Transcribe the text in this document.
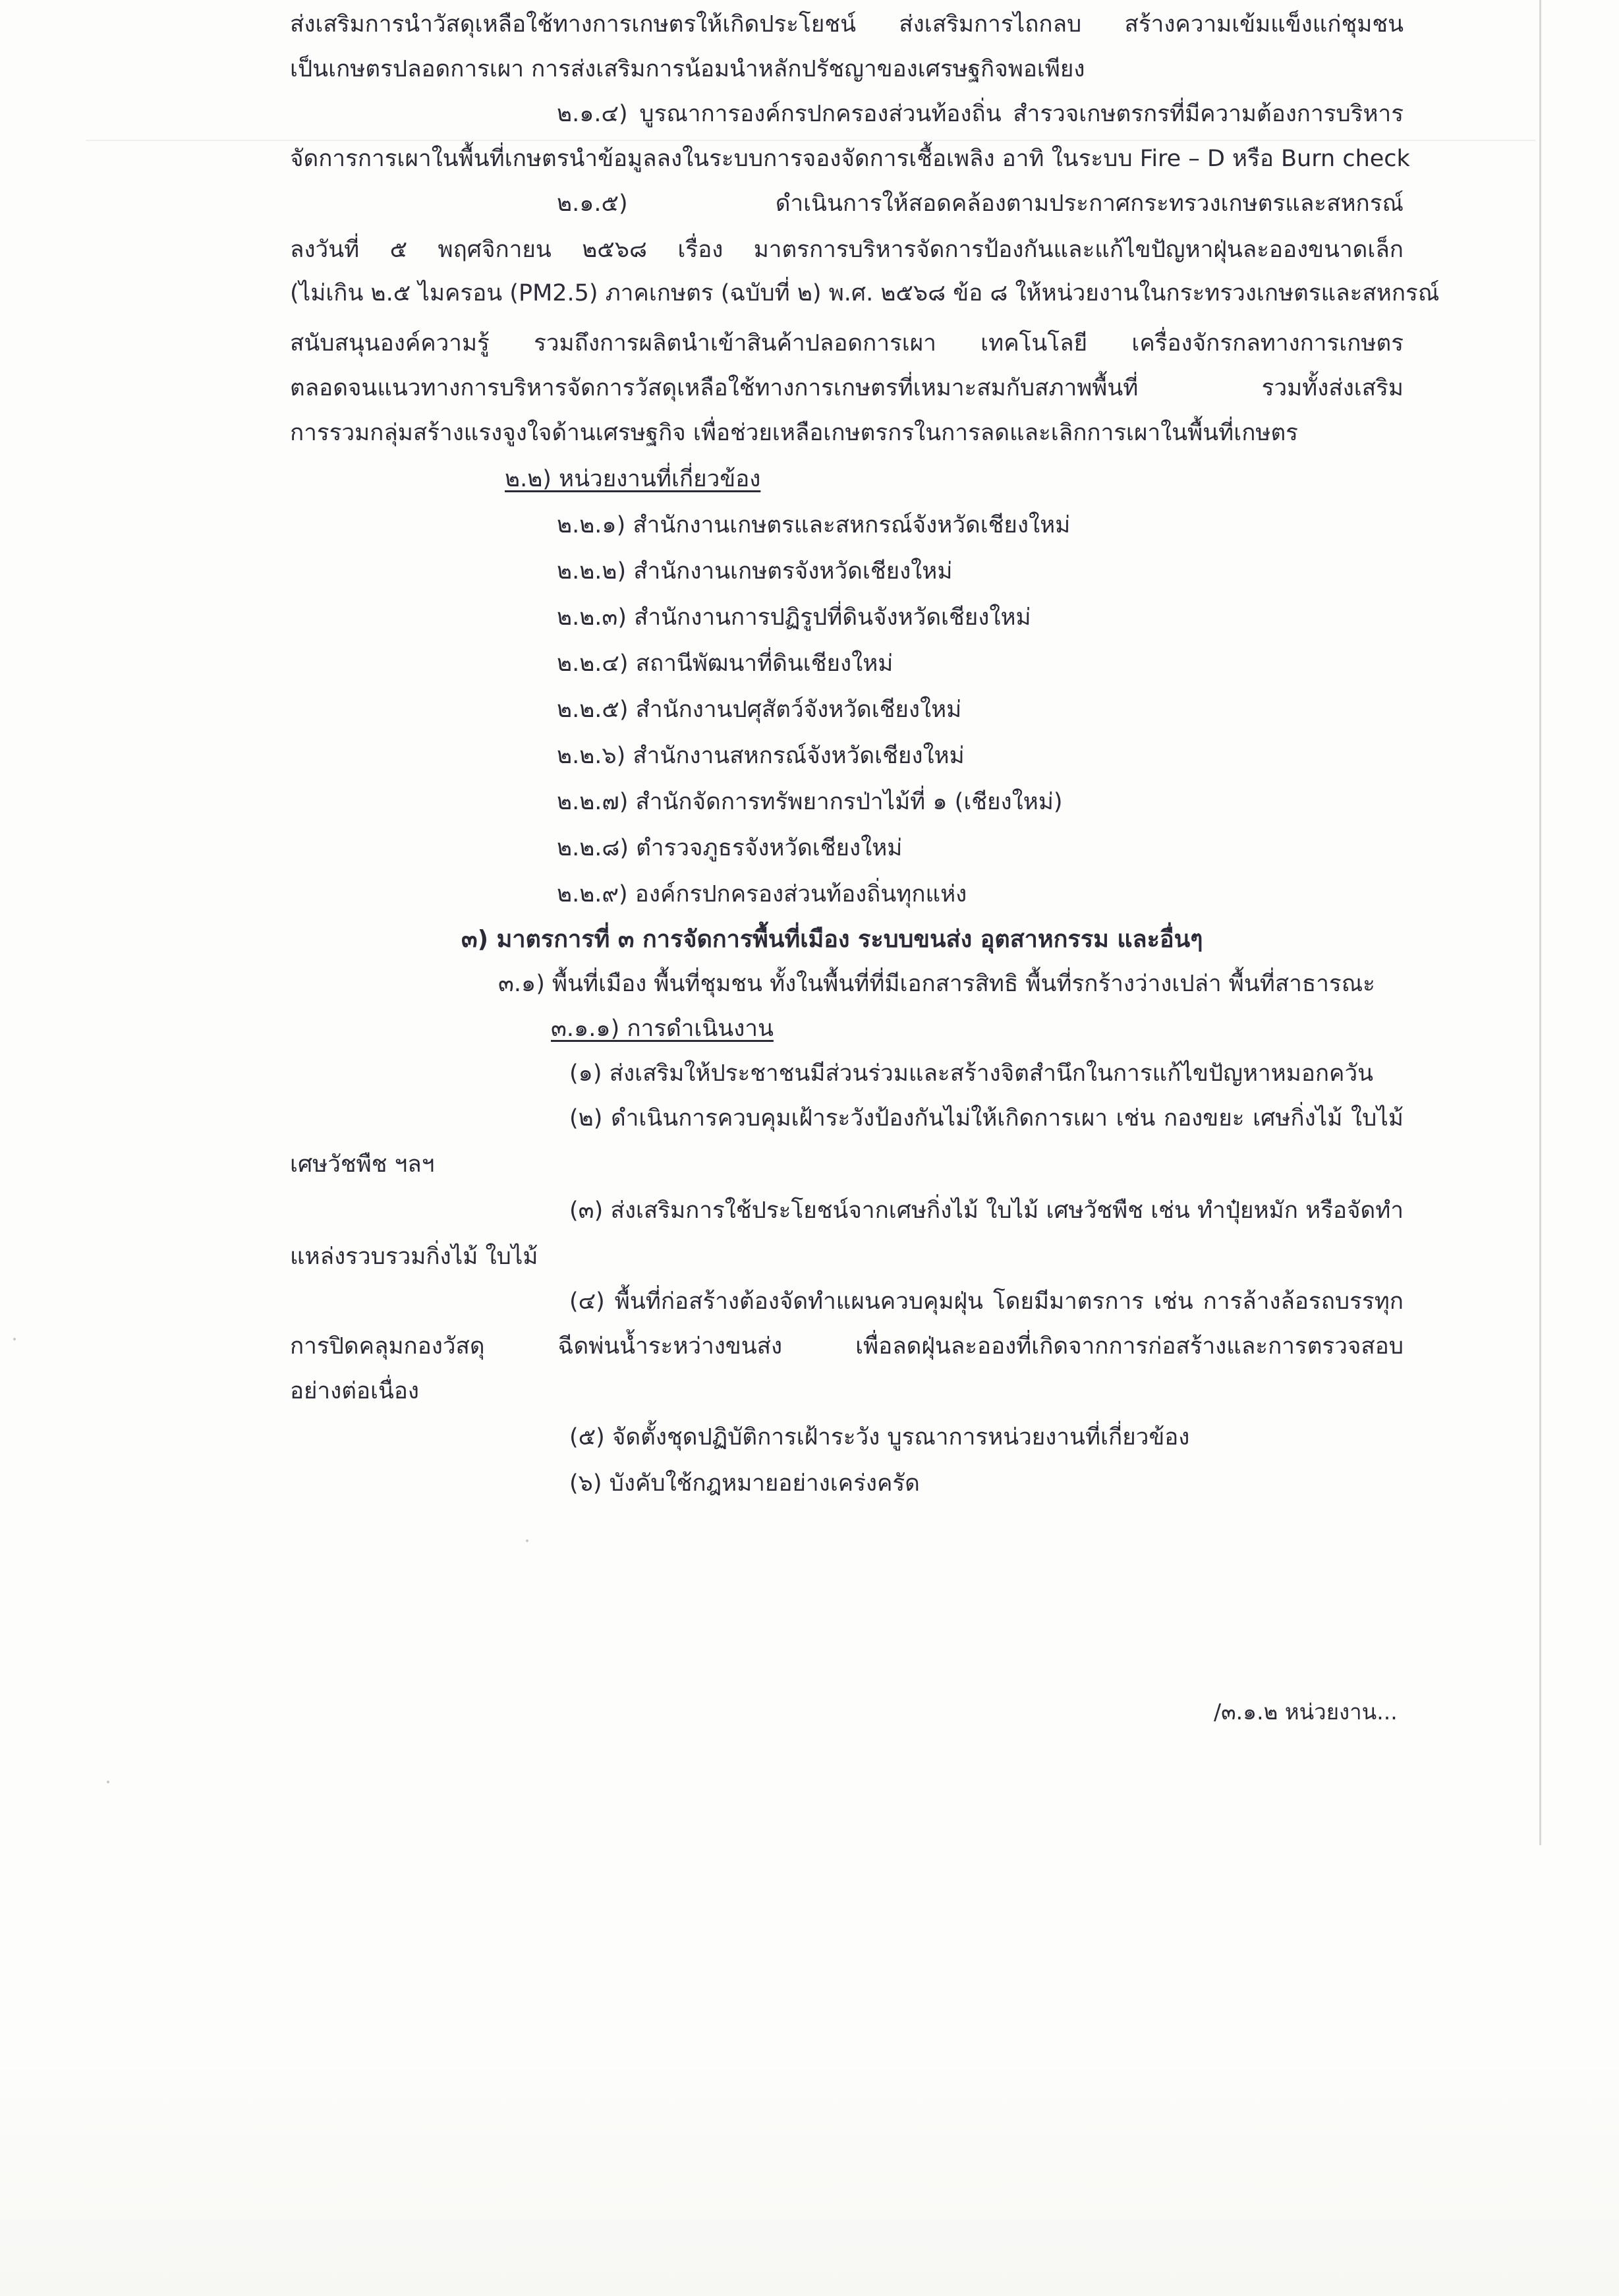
ส่งเสริมการนำวัสดุเหลือใช้ทางการเกษตรให้เกิดประโยชน์ ส่งเสริมการไถกลบ สร้างความเข้มแข็งแก่ชุมชน
เป็นเกษตรปลอดการเผา การส่งเสริมการน้อมนำหลักปรัชญาของเศรษฐกิจพอเพียง
๒.๑.๔) บูรณาการองค์กรปกครองส่วนท้องถิ่น สำรวจเกษตรกรที่มีความต้องการบริหาร
จัดการการเผาในพื้นที่เกษตรนำข้อมูลลงในระบบการจองจัดการเชื้อเพลิง อาทิ ในระบบ Fire – D หรือ Burn check
๒.๑.๕) ดำเนินการให้สอดคล้องตามประกาศกระทรวงเกษตรและสหกรณ์
ลงวันที่ ๕ พฤศจิกายน ๒๕๖๘ เรื่อง มาตรการบริหารจัดการป้องกันและแก้ไขปัญหาฝุ่นละอองขนาดเล็ก
(ไม่เกิน ๒.๕ ไมครอน (PM2.5) ภาคเกษตร (ฉบับที่ ๒) พ.ศ. ๒๕๖๘ ข้อ ๘ ให้หน่วยงานในกระทรวงเกษตรและสหกรณ์
สนับสนุนองค์ความรู้ รวมถึงการผลิตนำเข้าสินค้าปลอดการเผา เทคโนโลยี เครื่องจักรกลทางการเกษตร
ตลอดจนแนวทางการบริหารจัดการวัสดุเหลือใช้ทางการเกษตรที่เหมาะสมกับสภาพพื้นที่ รวมทั้งส่งเสริม
การรวมกลุ่มสร้างแรงจูงใจด้านเศรษฐกิจ เพื่อช่วยเหลือเกษตรกรในการลดและเลิกการเผาในพื้นที่เกษตร
๒.๒) หน่วยงานที่เกี่ยวข้อง
๒.๒.๑) สำนักงานเกษตรและสหกรณ์จังหวัดเชียงใหม่
๒.๒.๒) สำนักงานเกษตรจังหวัดเชียงใหม่
๒.๒.๓) สำนักงานการปฏิรูปที่ดินจังหวัดเชียงใหม่
๒.๒.๔) สถานีพัฒนาที่ดินเชียงใหม่
๒.๒.๕) สำนักงานปศุสัตว์จังหวัดเชียงใหม่
๒.๒.๖) สำนักงานสหกรณ์จังหวัดเชียงใหม่
๒.๒.๗) สำนักจัดการทรัพยากรป่าไม้ที่ ๑ (เชียงใหม่)
๒.๒.๘) ตำรวจภูธรจังหวัดเชียงใหม่
๒.๒.๙) องค์กรปกครองส่วนท้องถิ่นทุกแห่ง
๓) มาตรการที่ ๓ การจัดการพื้นที่เมือง ระบบขนส่ง อุตสาหกรรม และอื่นๆ
๓.๑) พื้นที่เมือง พื้นที่ชุมชน ทั้งในพื้นที่ที่มีเอกสารสิทธิ พื้นที่รกร้างว่างเปล่า พื้นที่สาธารณะ
๓.๑.๑) การดำเนินงาน
(๑) ส่งเสริมให้ประชาชนมีส่วนร่วมและสร้างจิตสำนึกในการแก้ไขปัญหาหมอกควัน
(๒) ดำเนินการควบคุมเฝ้าระวังป้องกันไม่ให้เกิดการเผา เช่น กองขยะ เศษกิ่งไม้ ใบไม้
เศษวัชพืช ฯลฯ
(๓) ส่งเสริมการใช้ประโยชน์จากเศษกิ่งไม้ ใบไม้ เศษวัชพืช เช่น ทำปุ๋ยหมัก หรือจัดทำ
แหล่งรวบรวมกิ่งไม้ ใบไม้
(๔) พื้นที่ก่อสร้างต้องจัดทำแผนควบคุมฝุ่น โดยมีมาตรการ เช่น การล้างล้อรถบรรทุก
การปิดคลุมกองวัสดุ ฉีดพ่นน้ำระหว่างขนส่ง เพื่อลดฝุ่นละอองที่เกิดจากการก่อสร้างและการตรวจสอบ
อย่างต่อเนื่อง
(๕) จัดตั้งชุดปฏิบัติการเฝ้าระวัง บูรณาการหน่วยงานที่เกี่ยวข้อง
(๖) บังคับใช้กฎหมายอย่างเคร่งครัด
/๓.๑.๒ หน่วยงาน...
